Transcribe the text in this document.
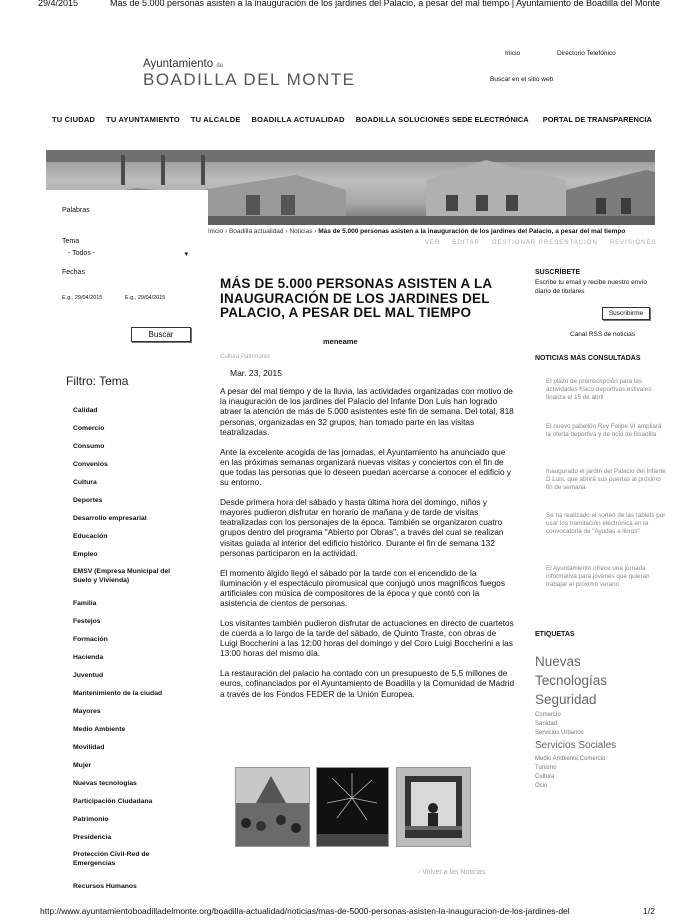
29/4/2015	Más de 5.000 personas asisten a la inauguración de los jardines del Palacio, a pesar del mal tiempo | Ayuntamiento de Boadilla del Monte
Ayuntamiento de
BOADILLA DEL MONTE
Inicio	Directorio Telefónico
Buscar en el sitio web
TU CIUDAD TU AYUNTAMIENTO TU ALCALDE BOADILLA ACTUALIDAD BOADILLA SOLUCIONES SEDE ELECTRÓNICA PORTAL DE TRANSPARENCIA
Palabras
Tema
- Todos -	▾
Fechas
E.g., 29/04/2015	E.g., 29/04/2015
Buscar
Filtro: Tema
Calidad
Comercio
Consumo
Convenios
Cultura
Deportes
Desarrollo empresarial
Educación
Empleo
EMSV (Empresa Municipal del Suelo y Vivienda)
Familia
Festejos
Formación
Hacienda
Juventud
Mantenimiento de la ciudad
Mayores
Medio Ambiente
Movilidad
Mujer
Nuevas tecnologías
Participación Ciudadana
Patrimonio
Presidencia
Protección Civil-Red de Emergencias
Recursos Humanos
Inicio › Boadilla actualidad › Noticias › Más de 5.000 personas asisten a la inauguración de los jardines del Palacio, a pesar del mal tiempo
VER EDITAR GESTIONAR PRESENTACIÓN REVISIONES
MÁS DE 5.000 PERSONAS ASISTEN A LA INAUGURACIÓN DE LOS JARDINES DEL PALACIO, A PESAR DEL MAL TIEMPO
meneame
Cultura Patrimonio
Mar. 23, 2015

A pesar del mal tiempo y de la lluvia, las actividades organizadas con motivo de la inauguración de los jardines del Palacio del Infante Don Luis han logrado atraer la atención de más de 5.000 asistentes este fin de semana. Del total, 818 personas, organizadas en 32 grupos, han tomado parte en las visitas teatralizadas.

Ante la excelente acogida de las jornadas, el Ayuntamiento ha anunciado que en las próximas semanas organizará nuevas visitas y conciertos con el fin de que todas las personas que lo deseen puedan acercarse a conocer el edificio y su entorno.

Desde primera hora del sábado y hasta última hora del domingo, niños y mayores pudieron disfrutar en horario de mañana y de tarde de visitas teatralizadas con los personajes de la época. También se organizaron cuatro grupos dentro del programa "Abierto por Obras", a través del cual se realizan visitas guiada al interior del edificio histórico. Durante el fin de semana 132 personas participaron en la actividad.

El momento álgido llegó el sábado por la tarde con el encendido de la iluminación y el espectáculo piromusical que conjugó unos magníficos fuegos artificiales con música de compositores de la época y que contó con la asistencia de cientos de personas.

Los visitantes también pudieron disfrutar de actuaciones en directo de cuartetos de cuerda a lo largo de la tarde del sábado, de Quinto Traste, con obras de Luigi Boccherini a las 12:00 horas del domingo y del Coro Luigi Boccherini a las 13:00 horas del mismo día.

La restauración del palacio ha contado con un presupuesto de 5,5 millones de euros, cofinanciados por el Ayuntamiento de Boadilla y la Comunidad de Madrid a través de los Fondos FEDER de la Unión Europea.

‹ Volver a las Noticias
SUSCRÍBETE
Escribe tu email y recibe nuestro envío diario de titulares
Suscribirme
Canal RSS de noticias
NOTICIAS MÁS CONSULTADAS
El plazo de preinscripción para las actividades físico-deportivas estivales finaliza el 15 de abril
El nuevo pabellón Rey Felipe VI ampliará la oferta deportiva y de ocio de Boadilla
Inaugurado el jardín del Palacio del Infante D Luis, que abrirá sus puertas al próximo fin de semana
Se ha realizado el sorteo de las tablets por usar los tramitación electrónica en la convocatoria de "Ayudas a libros"
El Ayuntamiento ofrece una jornada informativa para jóvenes que quieran trabajar el próximo verano
ETIQUETAS
Nuevas
Tecnologías
Seguridad
Comercio
Sanidad
Servicios Urbanos
Servicios Sociales
Medio Ambiente,Comercio
Turismo
Cultura
Ocio
http://www.ayuntamientoboadilladelmonte.org/boadilla-actualidad/noticias/mas-de-5000-personas-asisten-la-inauguracion-de-los-jardines-del	1/2
